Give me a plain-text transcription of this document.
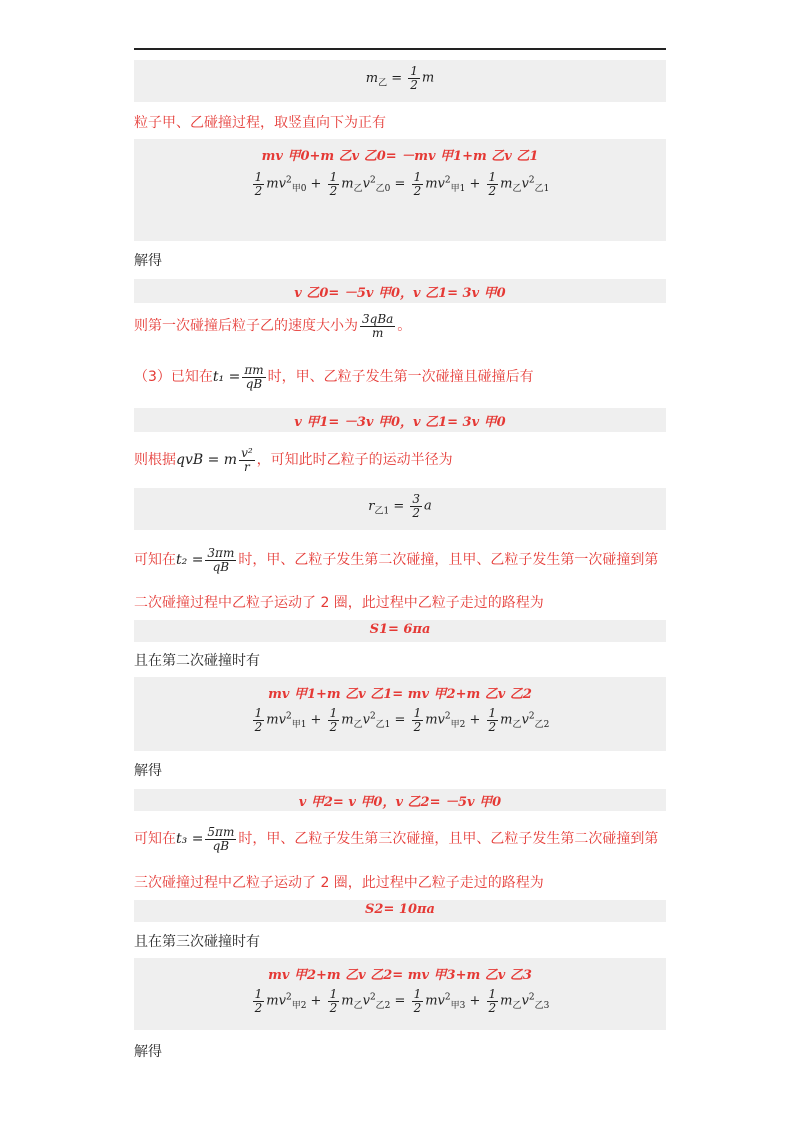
$m_乙 = \frac{1}{2}$ m
粒子甲、乙碰撞过程，取竖直向下为正有
mv 甲0+m 乙v 乙0= －mv 甲1+m 乙v 乙1
$\frac{1}{2} mv^2_{甲0} + \frac{1}{2} m_乙v^2_{乙0} = \frac{1}{2} mv^2_{甲1} + \frac{1}{2} m_乙v^2_{乙1}$
解得
v 乙0= －5v 甲0，v 乙1= 3v 甲0
则第一次碰撞后粒子乙的速度大小为 $\frac{\text{3qBa}}{m}$ 。
（3）已知在$t_1 = \frac{\pi m}{qB}$ 时，甲、乙粒子发生第一次碰撞且碰撞后有
v 甲1= －3v 甲0，v 乙1= 3v 甲0
则根据qvB = m $\frac{\text{v²}}{r}$ ，可知此时乙粒子的运动半径为
$r_{乙1} = \frac{3}{2}$ a
可知在$t_2 = \frac{3\pi m}{qB}$ 时，甲、乙粒子发生第二次碰撞，且甲、乙粒子发生第一次碰撞到第
二次碰撞过程中乙粒子运动了 2 圈，此过程中乙粒子走过的路程为
S1= 6πa
且在第二次碰撞时有
mv 甲1+m 乙v 乙1= mv 甲2+m 乙v 乙2
$\frac{1}{2} mv^2_{甲1} + \frac{1}{2} m_乙v^2_{乙1} = \frac{1}{2} mv^2_{甲2} + \frac{1}{2} m_乙v^2_{乙2}$
解得
v 甲2= v 甲0，v 乙2= －5v 甲0
可知在$t_3 = \frac{5\pi m}{qB}$ 时，甲、乙粒子发生第三次碰撞，且甲、乙粒子发生第二次碰撞到第
三次碰撞过程中乙粒子运动了 2 圈，此过程中乙粒子走过的路程为
S2= 10πa
且在第三次碰撞时有
mv 甲2+m 乙v 乙2= mv 甲3+m 乙v 乙3
$\frac{1}{2} mv^2_{甲2} + \frac{1}{2} m_乙v^2_{乙2} = \frac{1}{2} mv^2_{甲3} + \frac{1}{2} m_乙v^2_{乙3}$
解得
